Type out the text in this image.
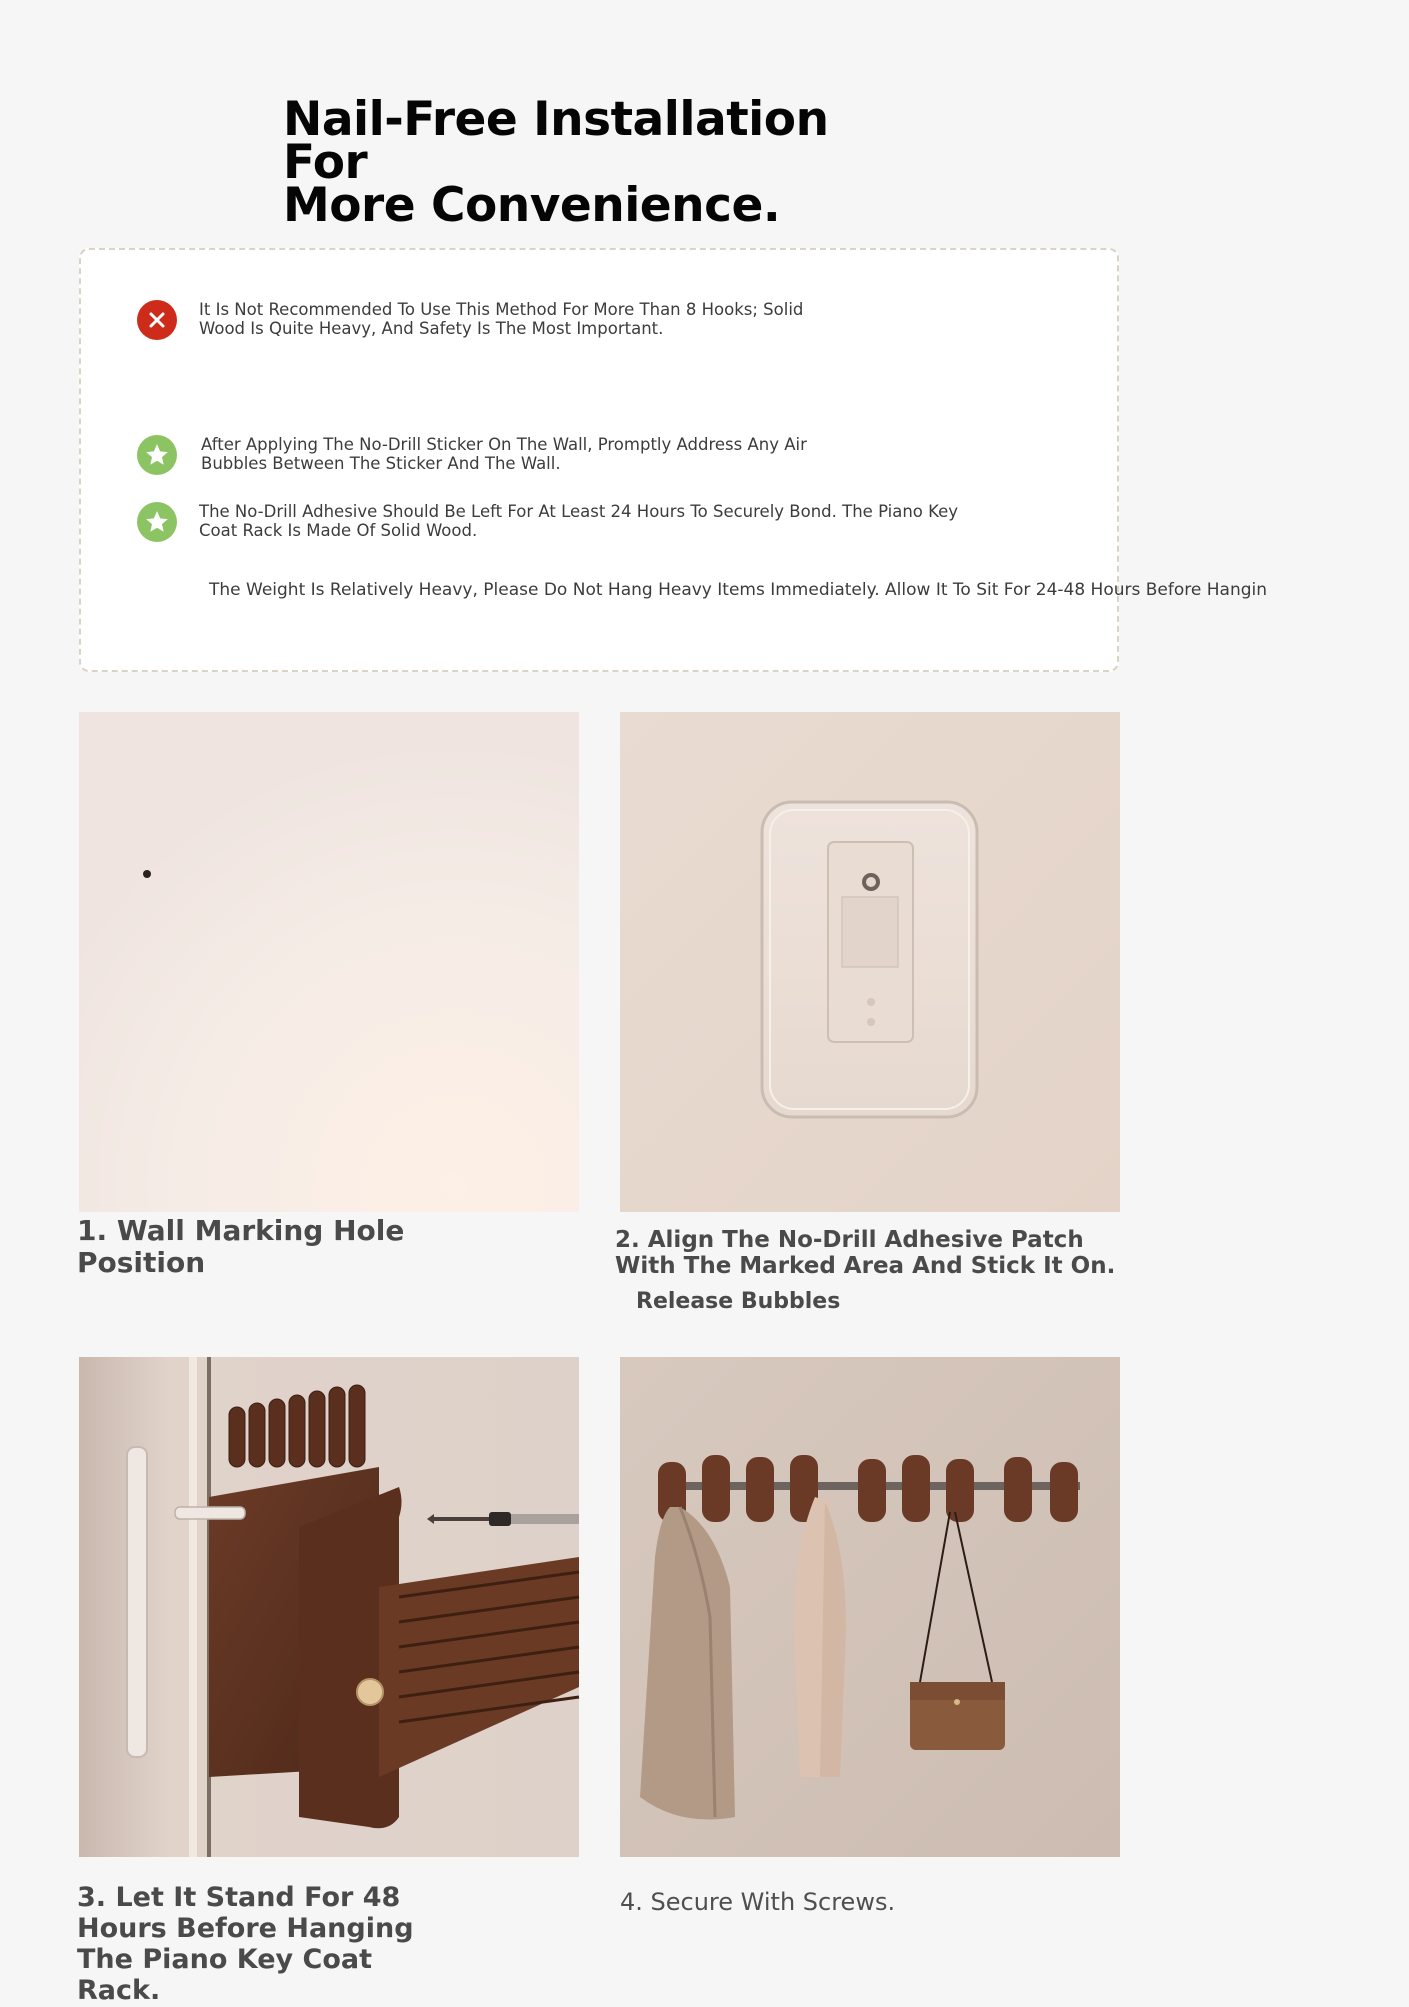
Nail-Free Installation For
More Convenience.
It Is Not Recommended To Use This Method For More Than 8 Hooks; Solid
Wood Is Quite Heavy, And Safety Is The Most Important.
After Applying The No-Drill Sticker On The Wall, Promptly Address Any Air
Bubbles Between The Sticker And The Wall.
The No-Drill Adhesive Should Be Left For At Least 24 Hours To Securely Bond. The Piano Key
Coat Rack Is Made Of Solid Wood.
The Weight Is Relatively Heavy, Please Do Not Hang Heavy Items Immediately. Allow It To Sit For 24-48 Hours Before Hangin
1. Wall Marking Hole
Position
2. Align The No-Drill Adhesive Patch
With The Marked Area And Stick It On.
Release Bubbles
3. Let It Stand For 48
Hours Before Hanging
The Piano Key Coat
Rack.
4. Secure With Screws.
